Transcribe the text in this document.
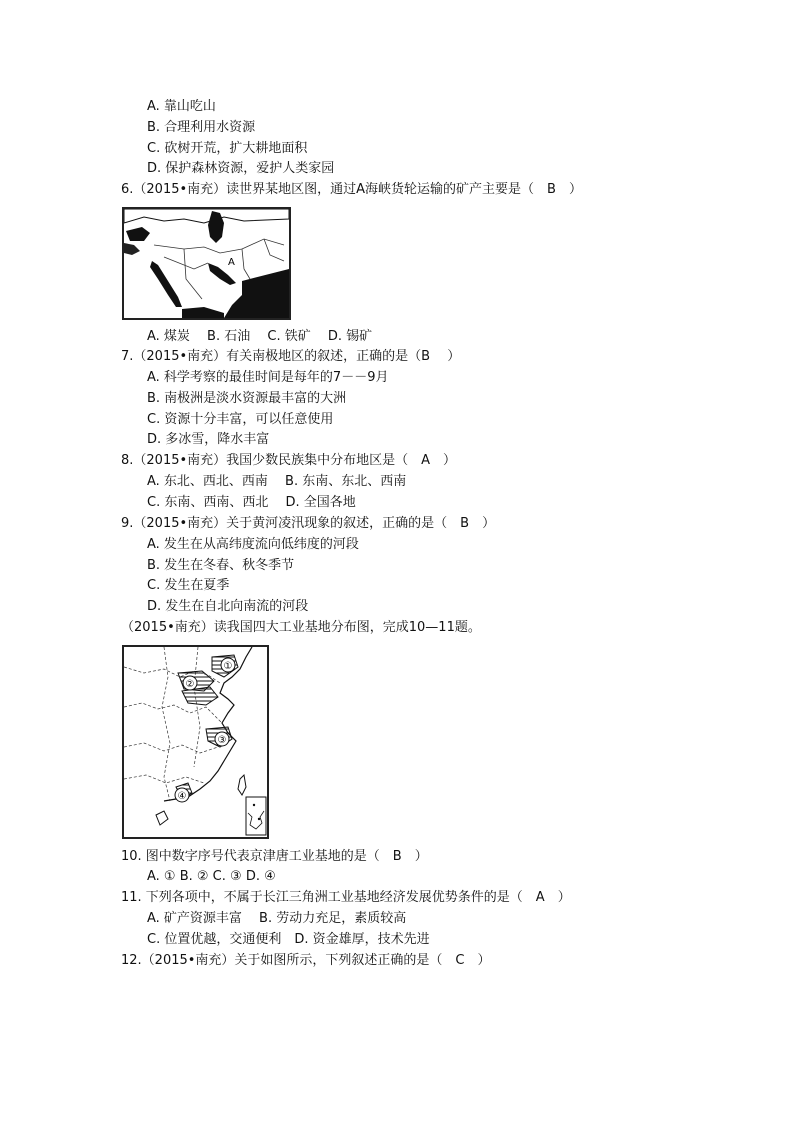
A. 靠山吃山
B. 合理利用水资源
C. 砍树开荒，扩大耕地面积
D. 保护森林资源，爱护人类家园
6.（2015•南充）读世界某地区图，通过A海峡货轮运输的矿产主要是（　B　）
A
A. 煤炭　 B. 石油　 C. 铁矿　 D. 锡矿
7.（2015•南充）有关南极地区的叙述，正确的是（B　 ）
A. 科学考察的最佳时间是每年的7－－9月
B. 南极洲是淡水资源最丰富的大洲
C. 资源十分丰富，可以任意使用
D. 多冰雪，降水丰富
8.（2015•南充）我国少数民族集中分布地区是（　A　）
A. 东北、西北、西南　 B. 东南、东北、西南
C. 东南、西南、西北　 D. 全国各地
9.（2015•南充）关于黄河凌汛现象的叙述，正确的是（　B　）
A. 发生在从高纬度流向低纬度的河段
B. 发生在冬春、秋冬季节
C. 发生在夏季
D. 发生在自北向南流的河段
（2015•南充）读我国四大工业基地分布图，完成10—11题。
①
②
③
④
10. 图中数字序号代表京津唐工业基地的是（　B　）
A. ① B. ② C. ③ D. ④
11. 下列各项中，不属于长江三角洲工业基地经济发展优势条件的是（　A　）
A. 矿产资源丰富　 B. 劳动力充足，素质较高
C. 位置优越，交通便利　D. 资金雄厚，技术先进
12.（2015•南充）关于如图所示，下列叙述正确的是（　C　）
